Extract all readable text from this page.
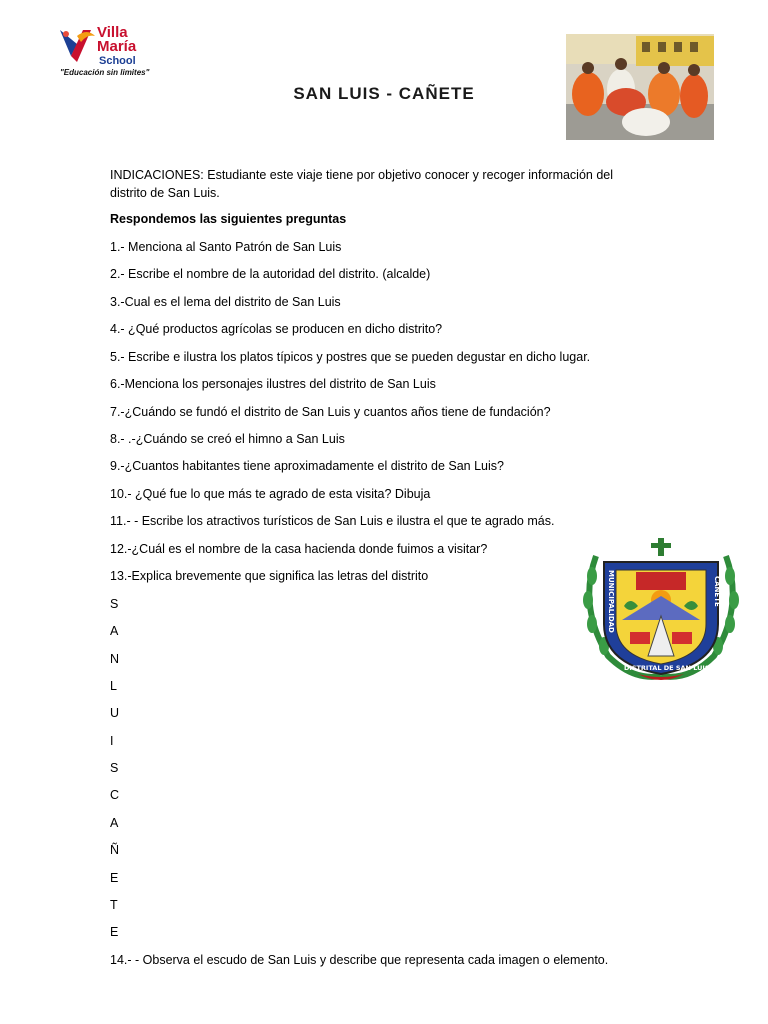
Villa
María
School
"Educación sin limites"
SAN LUIS - CAÑETE

INDICACIONES: Estudiante este viaje tiene por objetivo conocer y recoger información del distrito de San Luis.

Respondemos las siguientes preguntas
1.- Menciona al Santo Patrón de San Luis
2.- Escribe el nombre de la autoridad del distrito. (alcalde)
3.-Cual es el lema del distrito de San Luis
4.- ¿Qué productos agrícolas se producen en dicho distrito?
5.- Escribe e ilustra los platos típicos y postres que se pueden degustar en dicho lugar.
6.-Menciona los personajes ilustres del distrito de San Luis
7.-¿Cuándo se fundó el distrito de San Luis y cuantos años tiene de fundación?
8.- .-¿Cuándo se creó el himno a San Luis
9.-¿Cuantos habitantes tiene aproximadamente el distrito de San Luis?
10.- ¿Qué fue lo que más te agrado de esta visita? Dibuja
11.- - Escribe los atractivos turísticos de San Luis e ilustra el que te agrado más.
12.-¿Cuál es el nombre de la casa hacienda donde fuimos a visitar?
13.-Explica brevemente que significa las letras del distrito
S
A
N
L
U
I
S
C
A
Ñ
E
T
E
14.- - Observa el escudo de San Luis y describe que representa cada imagen o elemento.
MUNICIPALIDAD	CAÑETE
DISTRITAL DE SAN LUIS
